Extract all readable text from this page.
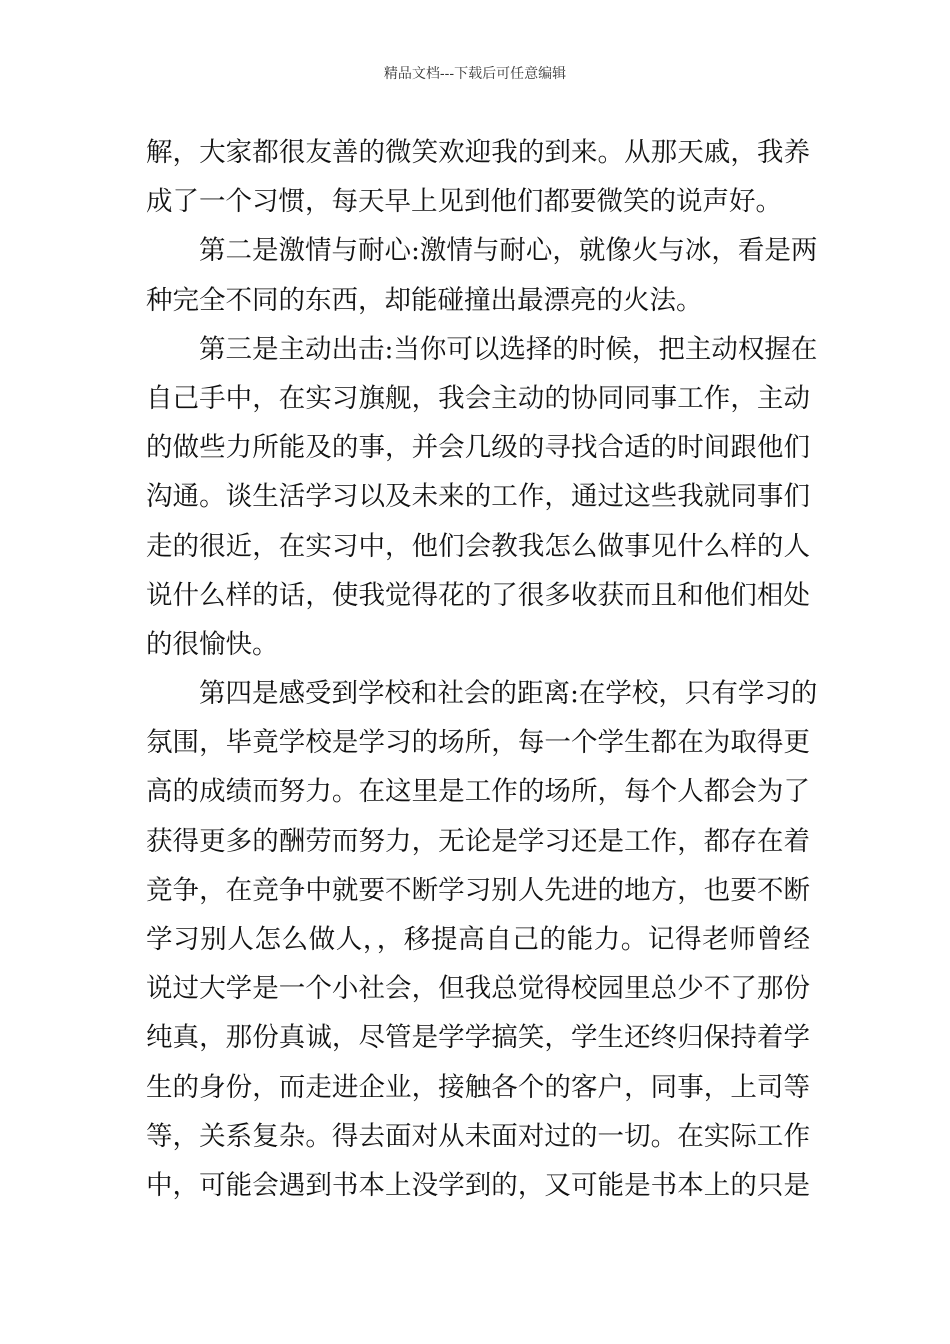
精品文档---下载后可任意编辑
解，大家都很友善的微笑欢迎我的到来。从那天戚，我养
成了一个习惯，每天早上见到他们都要微笑的说声好。
第二是激情与耐心:激情与耐心，就像火与冰，看是两
种完全不同的东西，却能碰撞出最漂亮的火法。
第三是主动出击:当你可以选择的时候，把主动权握在
自己手中，在实习旗舰，我会主动的协同同事工作，主动
的做些力所能及的事，并会几级的寻找合适的时间跟他们
沟通。谈生活学习以及未来的工作，通过这些我就同事们
走的很近，在实习中，他们会教我怎么做事见什么样的人
说什么样的话，使我觉得花的了很多收获而且和他们相处
的很愉快。
第四是感受到学校和社会的距离:在学校，只有学习的
氛围，毕竟学校是学习的场所，每一个学生都在为取得更
高的成绩而努力。在这里是工作的场所，每个人都会为了
获得更多的酬劳而努力，无论是学习还是工作，都存在着
竞争，在竞争中就要不断学习别人先进的地方，也要不断
学习别人怎么做人，，移提高自己的能力。记得老师曾经
说过大学是一个小社会，但我总觉得校园里总少不了那份
纯真，那份真诚，尽管是学学搞笑，学生还终归保持着学
生的身份，而走进企业，接触各个的客户，同事，上司等
等，关系复杂。得去面对从未面对过的一切。在实际工作
中，可能会遇到书本上没学到的，又可能是书本上的只是
